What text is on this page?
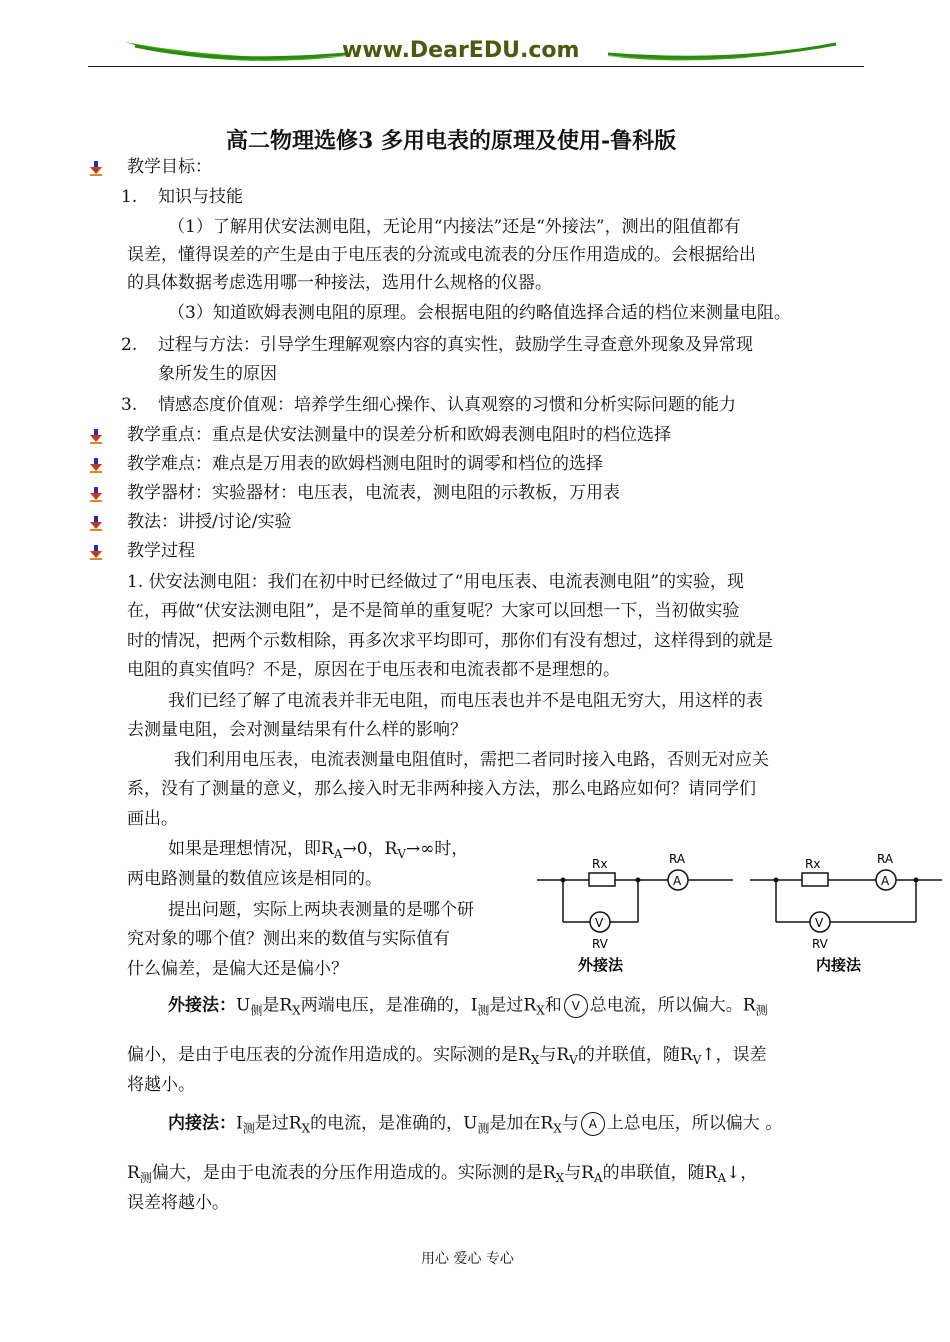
www.DearEDU.com
高二物理选修3 多用电表的原理及使用-鲁科版
教学目标：
1. 知识与技能
（1）了解用伏安法测电阻，无论用“内接法”还是“外接法”，测出的阻值都有
误差，懂得误差的产生是由于电压表的分流或电流表的分压作用造成的。会根据给出
的具体数据考虑选用哪一种接法，选用什么规格的仪器。
（3）知道欧姆表测电阻的原理。会根据电阻的约略值选择合适的档位来测量电阻。
2. 过程与方法：引导学生理解观察内容的真实性，鼓励学生寻查意外现象及异常现
象所发生的原因
3. 情感态度价值观：培养学生细心操作、认真观察的习惯和分析实际问题的能力
教学重点：重点是伏安法测量中的误差分析和欧姆表测电阻时的档位选择
教学难点：难点是万用表的欧姆档测电阻时的调零和档位的选择
教学器材：实验器材：电压表，电流表，测电阻的示教板，万用表
教法：讲授/讨论/实验
教学过程
1. 伏安法测电阻：我们在初中时已经做过了“用电压表、电流表测电阻”的实验，现
在，再做“伏安法测电阻”，是不是简单的重复呢？大家可以回想一下，当初做实验
时的情况，把两个示数相除，再多次求平均即可，那你们有没有想过，这样得到的就是
电阻的真实值吗？不是，原因在于电压表和电流表都不是理想的。
我们已经了解了电流表并非无电阻，而电压表也并不是电阻无穷大，用这样的表
去测量电阻，会对测量结果有什么样的影响？
我们利用电压表，电流表测量电阻值时，需把二者同时接入电路，否则无对应关
系，没有了测量的意义，那么接入时无非两种接入方法，那么电路应如何？请同学们
画出。
如果是理想情况，即$R_A\to 0$，$R_V\to\infty$时，
两电路测量的数值应该是相同的。
提出问题，实际上两块表测量的是哪个研
究对象的哪个值？测出来的数值与实际值有
什么偏差，是偏大还是偏小？
Rx
A
RA
V
RV
外接法
Rx
A
RA
V
RV
内接法
外接法：$U_侧$是$R_X$两端电压，是准确的，$I_测$是过$R_X$和 V 总电流，所以偏大。$R_测$
偏小，是由于电压表的分流作用造成的。实际测的是$R_X$与$R_V$的并联值，随$R_V↑$，误差
将越小。
内接法：$I_测$是过$R_X$的电流，是准确的，$U_测$是加在$R_X$与 A 上总电压，所以偏大 。
$R_测$偏大，是由于电流表的分压作用造成的。实际测的是$R_X$与$R_A$的串联值，随$R_A↓$，
误差将越小。
用心 爱心 专心
